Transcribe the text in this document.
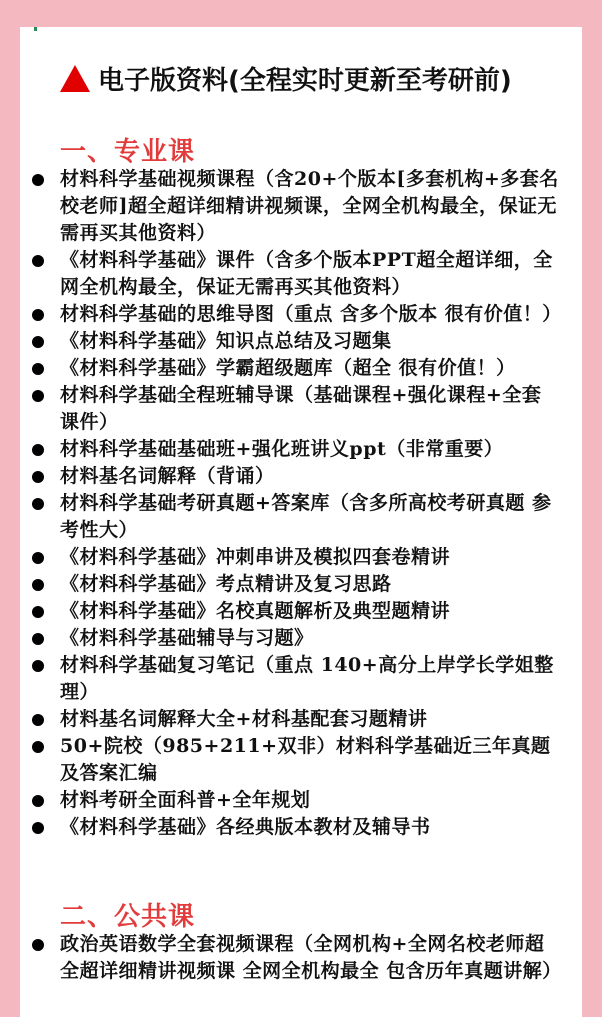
电子版资料(全程实时更新至考研前)
一、专业课
材料科学基础视频课程（含20+个版本[多套机构+多套名校老师]超全超详细精讲视频课，全网全机构最全，保证无需再买其他资料）
《材料科学基础》课件（含多个版本PPT超全超详细，全网全机构最全，保证无需再买其他资料）
材料科学基础的思维导图（重点 含多个版本 很有价值！）
《材料科学基础》知识点总结及习题集
《材料科学基础》学霸超级题库（超全 很有价值！）
材料科学基础全程班辅导课（基础课程+强化课程+全套课件）
材料科学基础基础班+强化班讲义ppt（非常重要）
材料基名词解释（背诵）
材料科学基础考研真题+答案库（含多所高校考研真题 参考性大）
《材料科学基础》冲刺串讲及模拟四套卷精讲
《材料科学基础》考点精讲及复习思路
《材料科学基础》名校真题解析及典型题精讲
《材料科学基础辅导与习题》
材料科学基础复习笔记（重点 140+高分上岸学长学姐整理）
材料基名词解释大全+材科基配套习题精讲
50+院校（985+211+双非）材料科学基础近三年真题及答案汇编
材料考研全面科普+全年规划
《材料科学基础》各经典版本教材及辅导书
二、公共课
政治英语数学全套视频课程（全网机构+全网名校老师超全超详细精讲视频课 全网全机构最全 包含历年真题讲解）
